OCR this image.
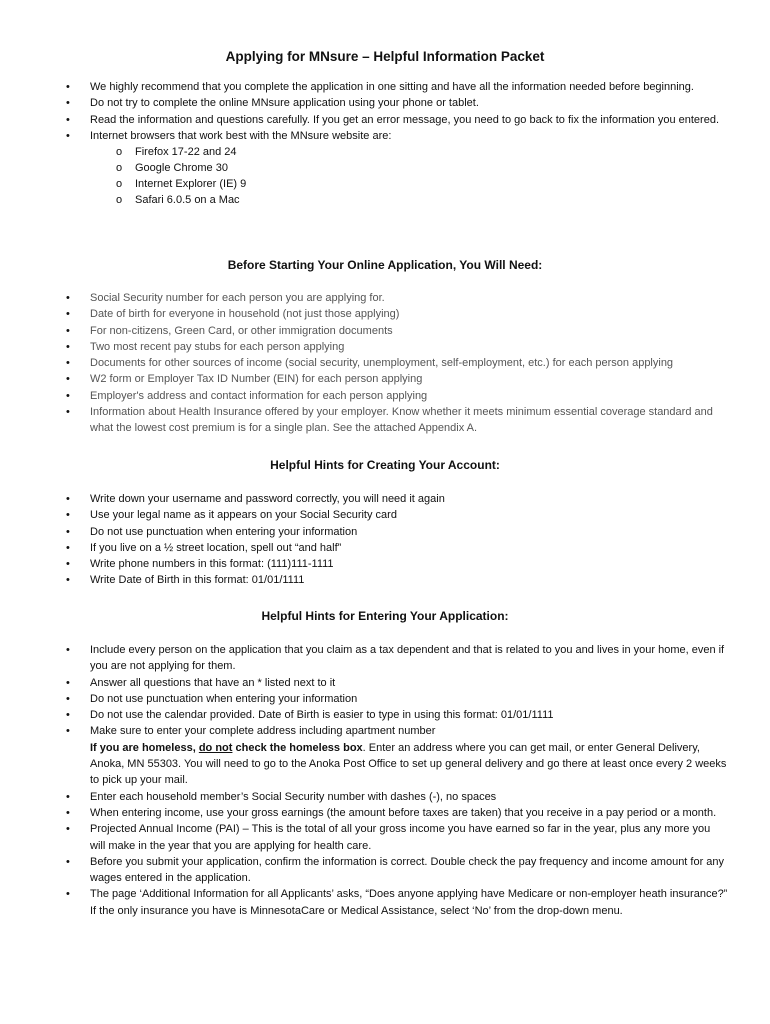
Applying for MNsure – Helpful Information Packet
• We highly recommend that you complete the application in one sitting and have all the information needed before beginning.
• Do not try to complete the online MNsure application using your phone or tablet.
• Read the information and questions carefully. If you get an error message, you need to go back to fix the information you entered.
• Internet browsers that work best with the MNsure website are:
o Firefox 17-22 and 24
o Google Chrome 30
o Internet Explorer (IE) 9
o Safari 6.0.5 on a Mac
Before Starting Your Online Application, You Will Need:
• Social Security number for each person you are applying for.
• Date of birth for everyone in household (not just those applying)
• For non-citizens, Green Card, or other immigration documents
• Two most recent pay stubs for each person applying
• Documents for other sources of income (social security, unemployment, self-employment, etc.) for each person applying
• W2 form or Employer Tax ID Number (EIN) for each person applying
• Employer's address and contact information for each person applying
• Information about Health Insurance offered by your employer. Know whether it meets minimum essential coverage standard and what the lowest cost premium is for a single plan. See the attached Appendix A.
Helpful Hints for Creating Your Account:
• Write down your username and password correctly, you will need it again
• Use your legal name as it appears on your Social Security card
• Do not use punctuation when entering your information
• If you live on a ½ street location, spell out “and half”
• Write phone numbers in this format: (111)111-1111
• Write Date of Birth in this format: 01/01/1111
Helpful Hints for Entering Your Application:
• Include every person on the application that you claim as a tax dependent and that is related to you and lives in your home, even if you are not applying for them.
• Answer all questions that have an * listed next to it
• Do not use punctuation when entering your information
• Do not use the calendar provided. Date of Birth is easier to type in using this format: 01/01/1111
• Make sure to enter your complete address including apartment number
If you are homeless, do not check the homeless box. Enter an address where you can get mail, or enter General Delivery, Anoka, MN 55303. You will need to go to the Anoka Post Office to set up general delivery and go there at least once every 2 weeks to pick up your mail.
• Enter each household member’s Social Security number with dashes (-), no spaces
• When entering income, use your gross earnings (the amount before taxes are taken) that you receive in a pay period or a month.
• Projected Annual Income (PAI) – This is the total of all your gross income you have earned so far in the year, plus any more you will make in the year that you are applying for health care.
• Before you submit your application, confirm the information is correct. Double check the pay frequency and income amount for any wages entered in the application.
• The page ‘Additional Information for all Applicants’ asks, “Does anyone applying have Medicare or non-employer heath insurance?” If the only insurance you have is MinnesotaCare or Medical Assistance, select ‘No’ from the drop-down menu.
